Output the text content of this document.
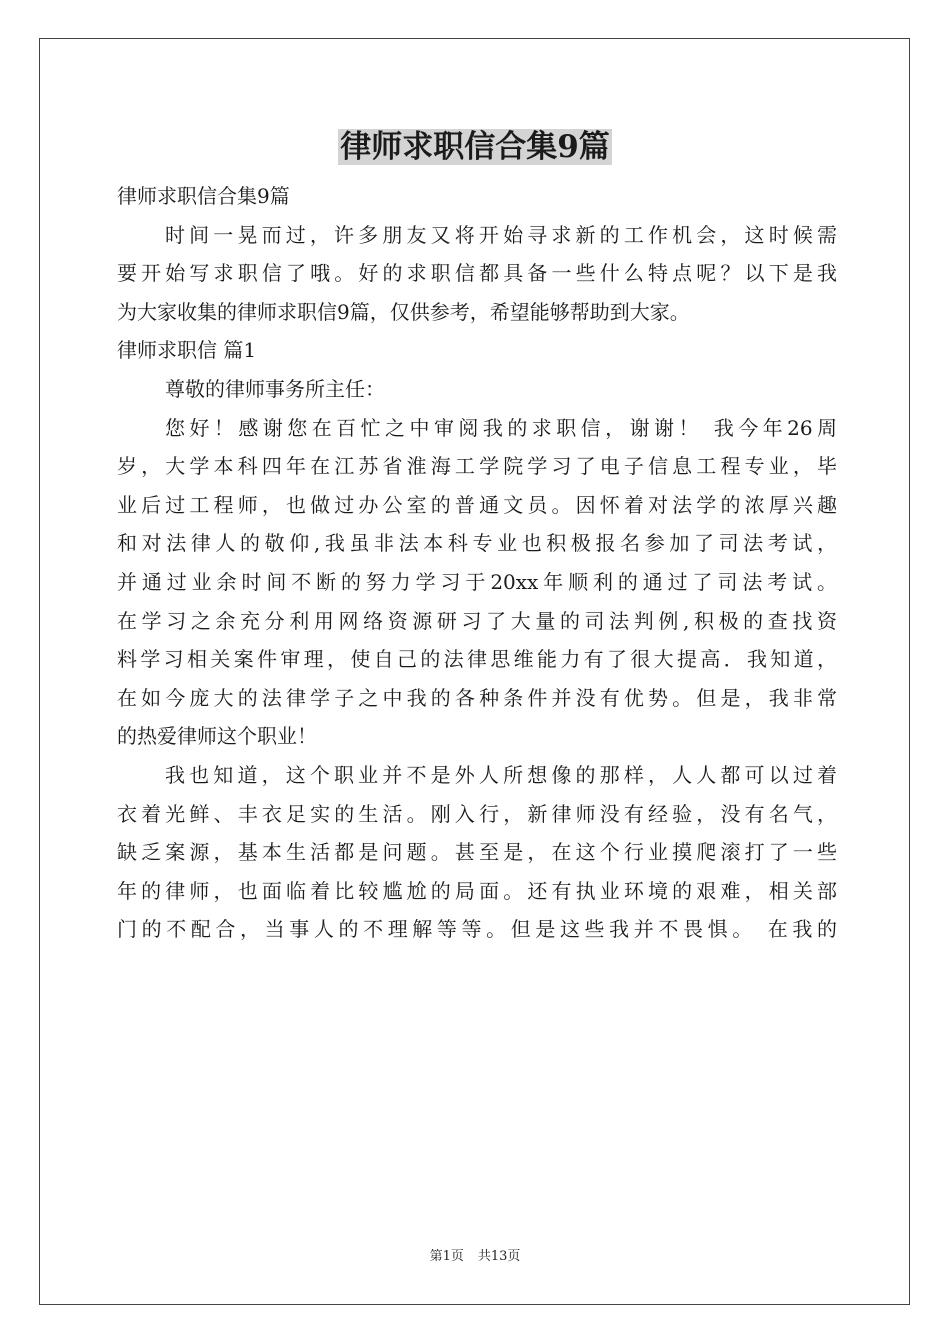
律师求职信合集9篇
律师求职信合集9篇
时间一晃而过，许多朋友又将开始寻求新的工作机会，这时候需
要开始写求职信了哦。好的求职信都具备一些什么特点呢？以下是我
为大家收集的律师求职信9篇，仅供参考，希望能够帮助到大家。
律师求职信 篇1
尊敬的律师事务所主任：
您好！感谢您在百忙之中审阅我的求职信，谢谢！ 我今年26周
岁，大学本科四年在江苏省淮海工学院学习了电子信息工程专业，毕
业后过工程师，也做过办公室的普通文员。因怀着对法学的浓厚兴趣
和对法律人的敬仰,我虽非法本科专业也积极报名参加了司法考试，
并通过业余时间不断的努力学习于20xx年顺利的通过了司法考试。
在学习之余充分利用网络资源研习了大量的司法判例,积极的查找资
料学习相关案件审理，使自己的法律思维能力有了很大提高．我知道，
在如今庞大的法律学子之中我的各种条件并没有优势。但是，我非常
的热爱律师这个职业！
我也知道，这个职业并不是外人所想像的那样，人人都可以过着
衣着光鲜、丰衣足实的生活。刚入行，新律师没有经验，没有名气，
缺乏案源，基本生活都是问题。甚至是，在这个行业摸爬滚打了一些
年的律师，也面临着比较尴尬的局面。还有执业环境的艰难，相关部
门的不配合，当事人的不理解等等。但是这些我并不畏惧。 在我的
第1页 共13页
